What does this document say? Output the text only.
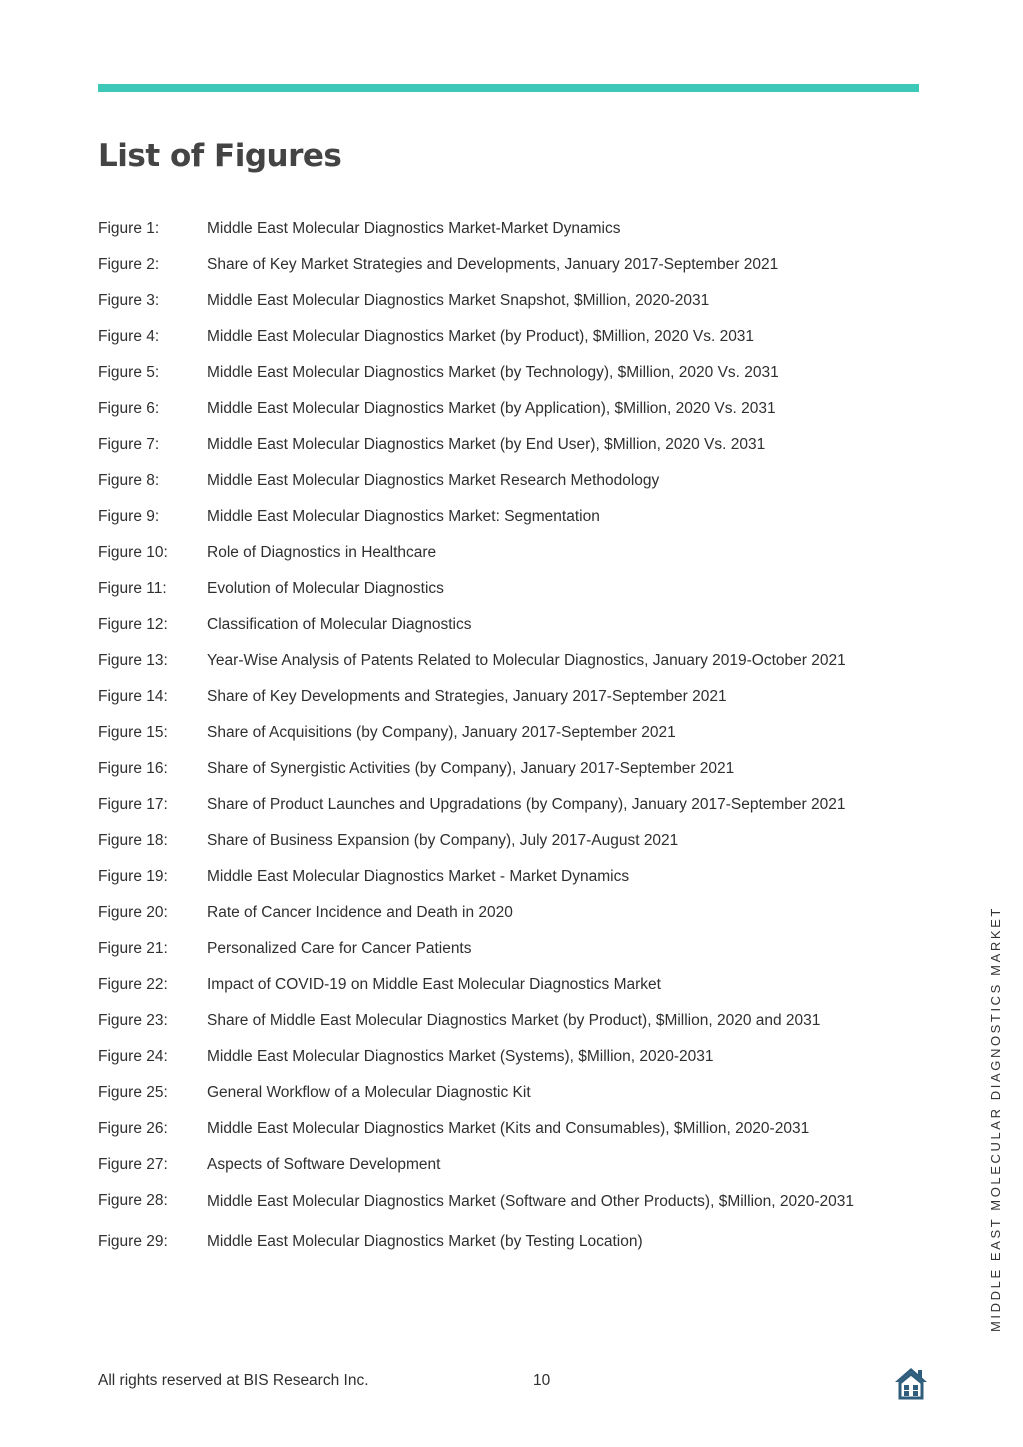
List of Figures
Figure 1:	Middle East Molecular Diagnostics Market-Market Dynamics
Figure 2:	Share of Key Market Strategies and Developments, January 2017-September 2021
Figure 3:	Middle East Molecular Diagnostics Market Snapshot, $Million, 2020-2031
Figure 4:	Middle East Molecular Diagnostics Market (by Product), $Million, 2020 Vs. 2031
Figure 5:	Middle East Molecular Diagnostics Market (by Technology), $Million, 2020 Vs. 2031
Figure 6:	Middle East Molecular Diagnostics Market (by Application), $Million, 2020 Vs. 2031
Figure 7:	Middle East Molecular Diagnostics Market (by End User), $Million, 2020 Vs. 2031
Figure 8:	Middle East Molecular Diagnostics Market Research Methodology
Figure 9:	Middle East Molecular Diagnostics Market: Segmentation
Figure 10:	Role of Diagnostics in Healthcare
Figure 11:	Evolution of Molecular Diagnostics
Figure 12:	Classification of Molecular Diagnostics
Figure 13:	Year-Wise Analysis of Patents Related to Molecular Diagnostics, January 2019-October 2021
Figure 14:	Share of Key Developments and Strategies, January 2017-September 2021
Figure 15:	Share of Acquisitions (by Company), January 2017-September 2021
Figure 16:	Share of Synergistic Activities (by Company), January 2017-September 2021
Figure 17:	Share of Product Launches and Upgradations (by Company), January 2017-September 2021
Figure 18:	Share of Business Expansion (by Company), July 2017-August 2021
Figure 19:	Middle East Molecular Diagnostics Market - Market Dynamics
Figure 20:	Rate of Cancer Incidence and Death in 2020
Figure 21:	Personalized Care for Cancer Patients
Figure 22:	Impact of COVID-19 on Middle East Molecular Diagnostics Market
Figure 23:	Share of Middle East Molecular Diagnostics Market (by Product), $Million, 2020 and 2031
Figure 24:	Middle East Molecular Diagnostics Market (Systems), $Million, 2020-2031
Figure 25:	General Workflow of a Molecular Diagnostic Kit
Figure 26:	Middle East Molecular Diagnostics Market (Kits and Consumables), $Million, 2020-2031
Figure 27:	Aspects of Software Development
Figure 28:	Middle East Molecular Diagnostics Market (Software and Other Products), $Million, 2020-2031
Figure 29:	Middle East Molecular Diagnostics Market (by Testing Location)	MIDDLE EAST MOLECULAR DIAGNOSTICS MARKET
All rights reserved at BIS Research Inc.	10
